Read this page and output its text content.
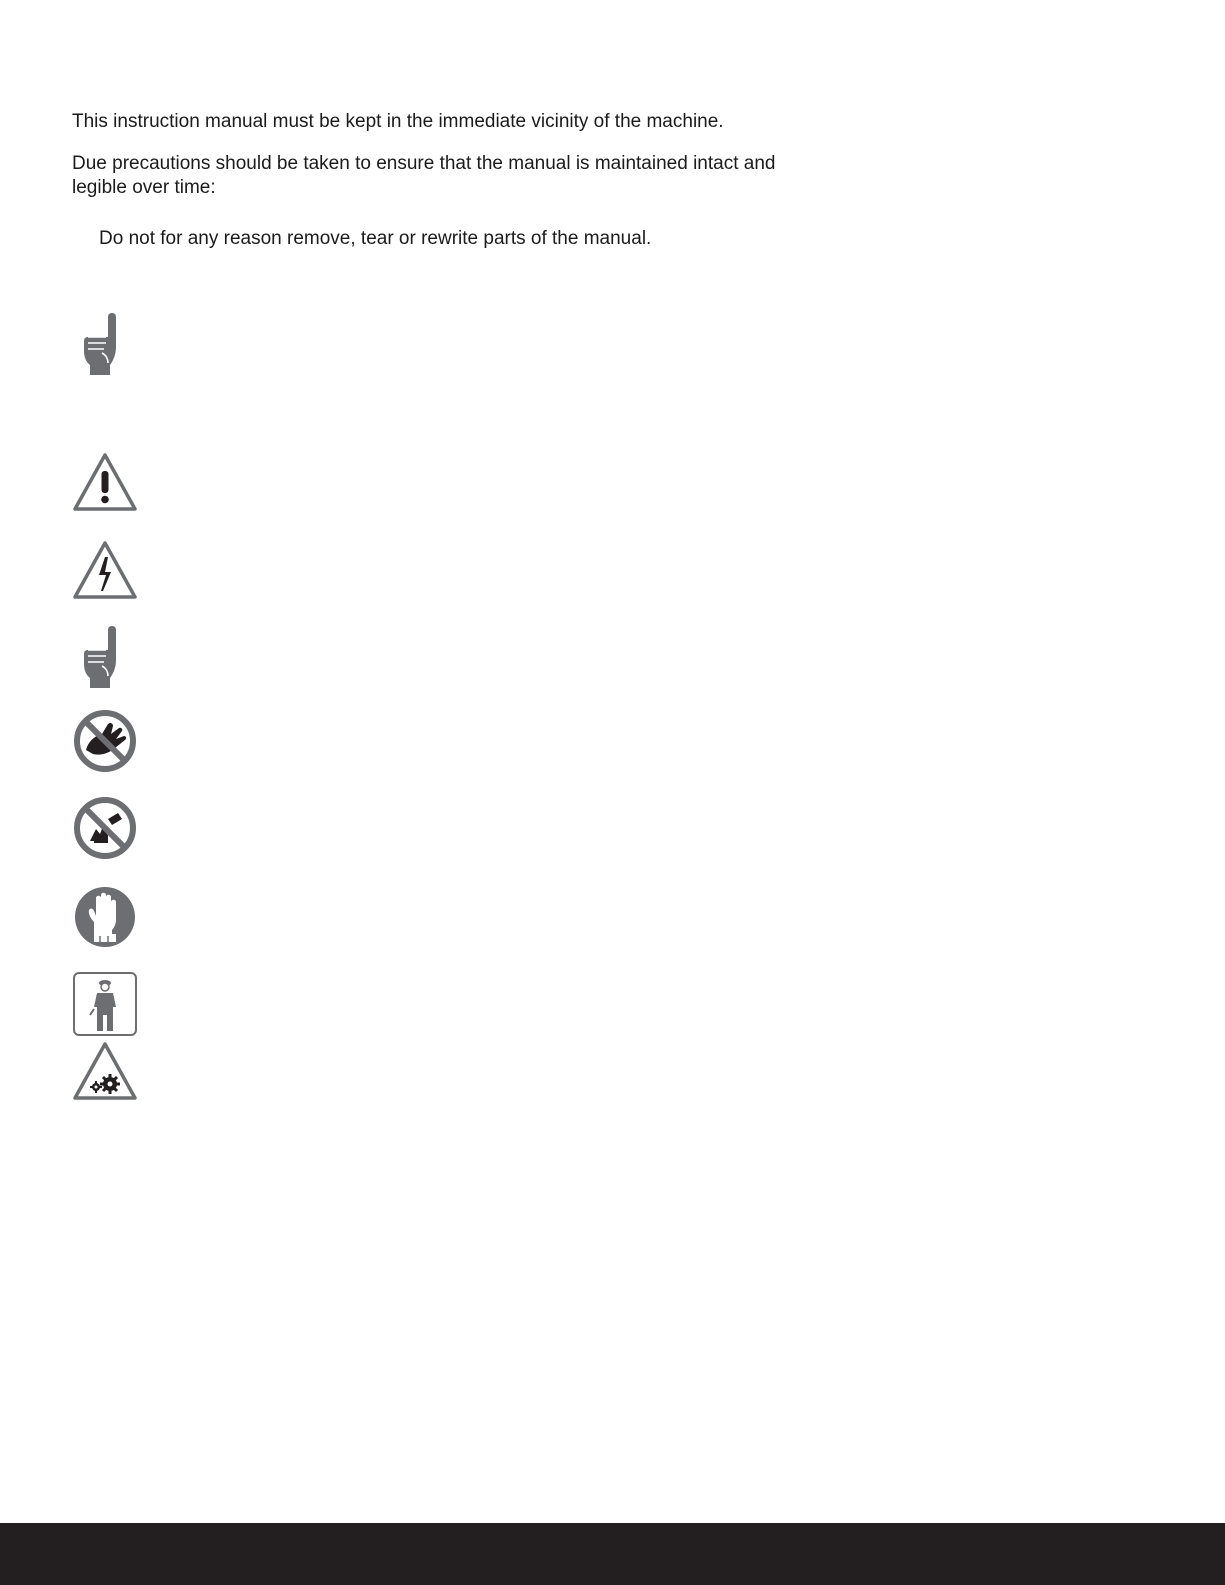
This instruction manual must be kept in the immediate vicinity of the machine.

Due precautions should be taken to ensure that the manual is maintained intact and legible over time:

Do not for any reason remove, tear or rewrite parts of the manual.
